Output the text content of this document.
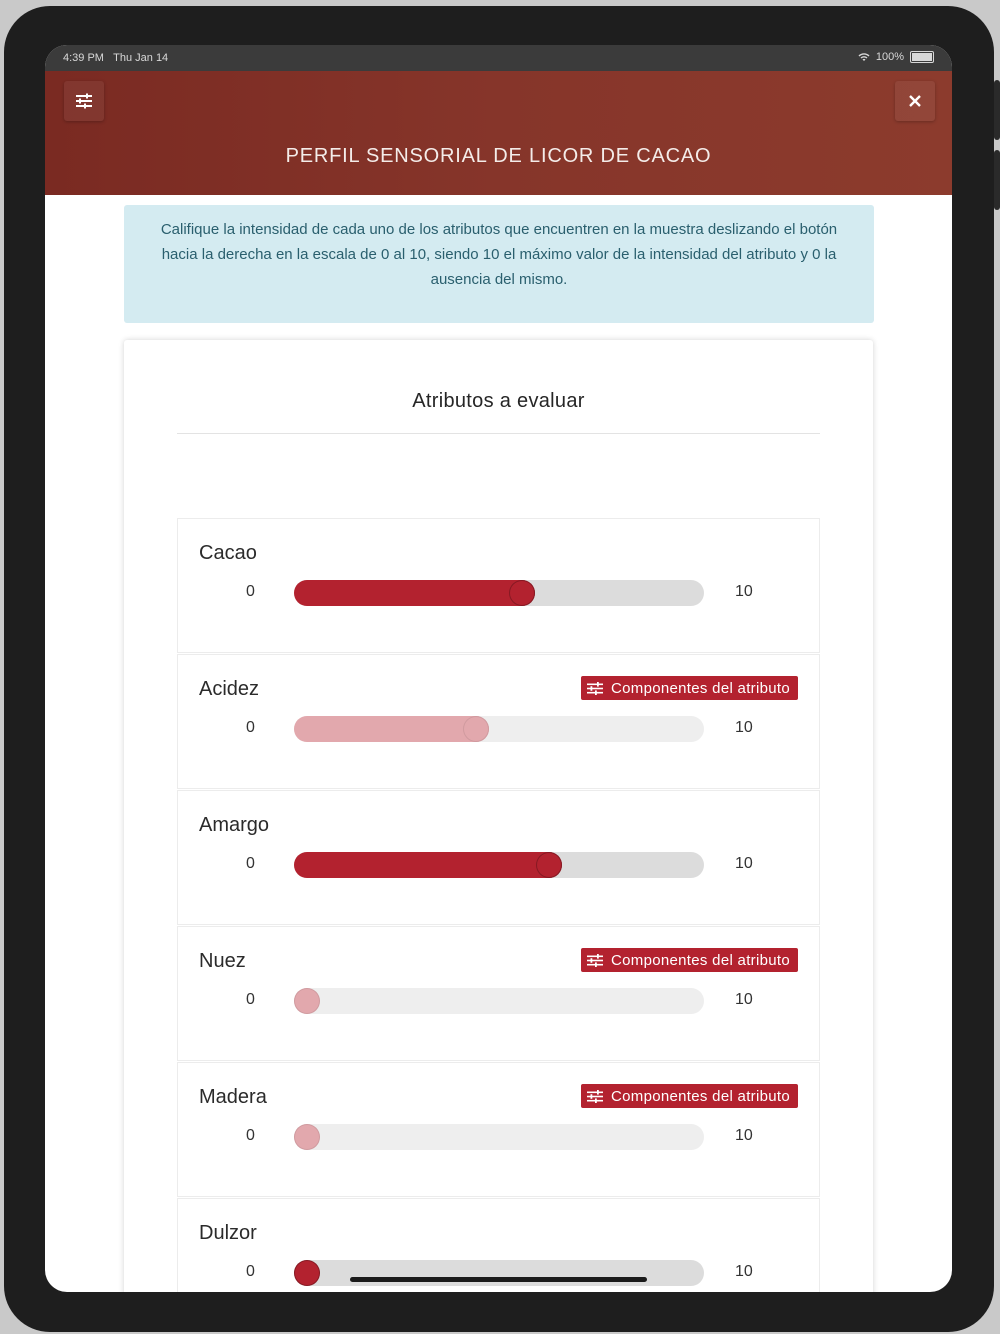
4:39 PM Thu Jan 14	100%
PERFIL SENSORIAL DE LICOR DE CACAO
Califique la intensidad de cada uno de los atributos que encuentren en la muestra deslizando el botón hacia la derecha en la escala de 0 al 10, siendo 10 el máximo valor de la intensidad del atributo y 0 la ausencia del mismo.
Atributos a evaluar
Cacao
0	10
Acidez	Componentes del atributo
0	10
Amargo
0	10
Nuez	Componentes del atributo
0	10
Madera	Componentes del atributo
0	10
Dulzor
0	10
